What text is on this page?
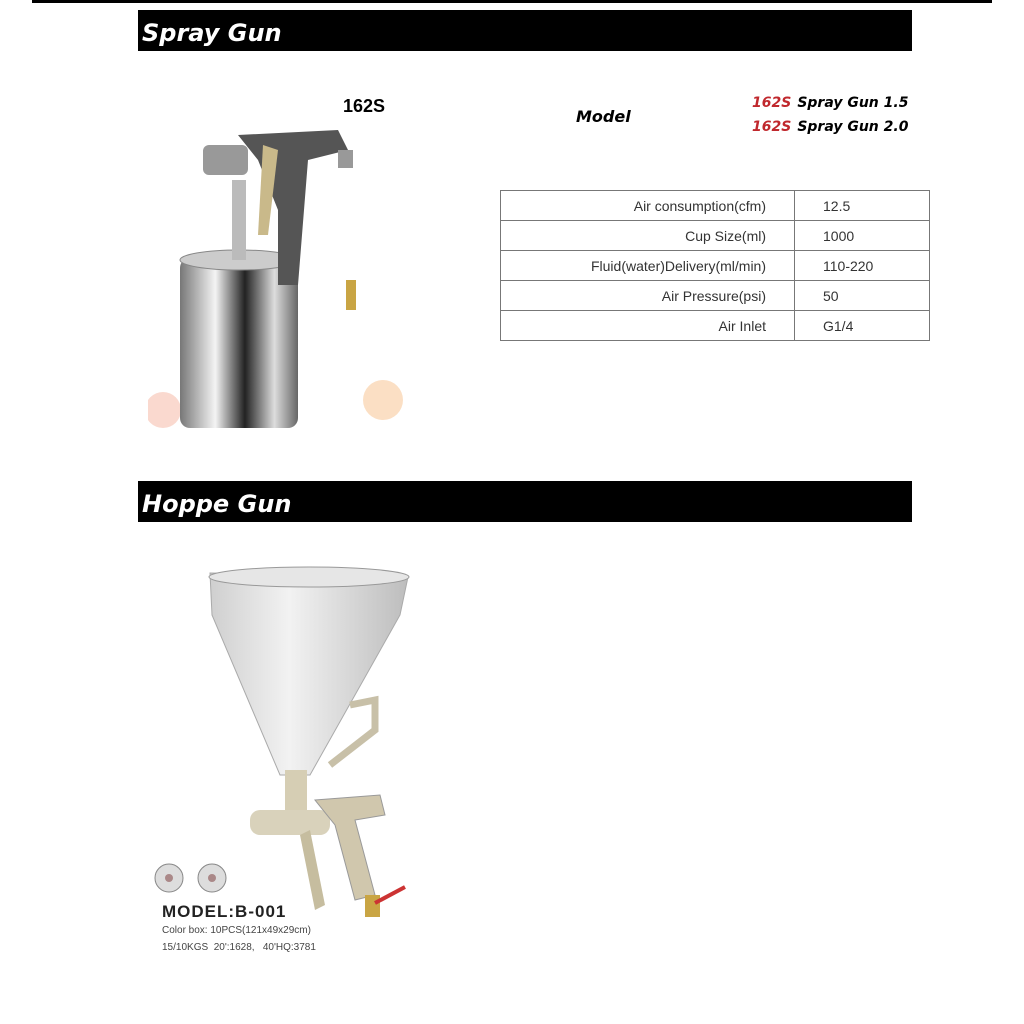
Spray Gun
162S
Model
162S Spray Gun 1.5
162S Spray Gun 2.0
Air consumption(cfm)	12.5
Cup Size(ml)	1000
Fluid(water)Delivery(ml/min)	110-220
Air Pressure(psi)	50
Air Inlet	G1/4
Hoppe Gun
MODEL:B-001
Color box: 10PCS(121x49x29cm)
15/10KGS  20':1628,   40'HQ:3781
